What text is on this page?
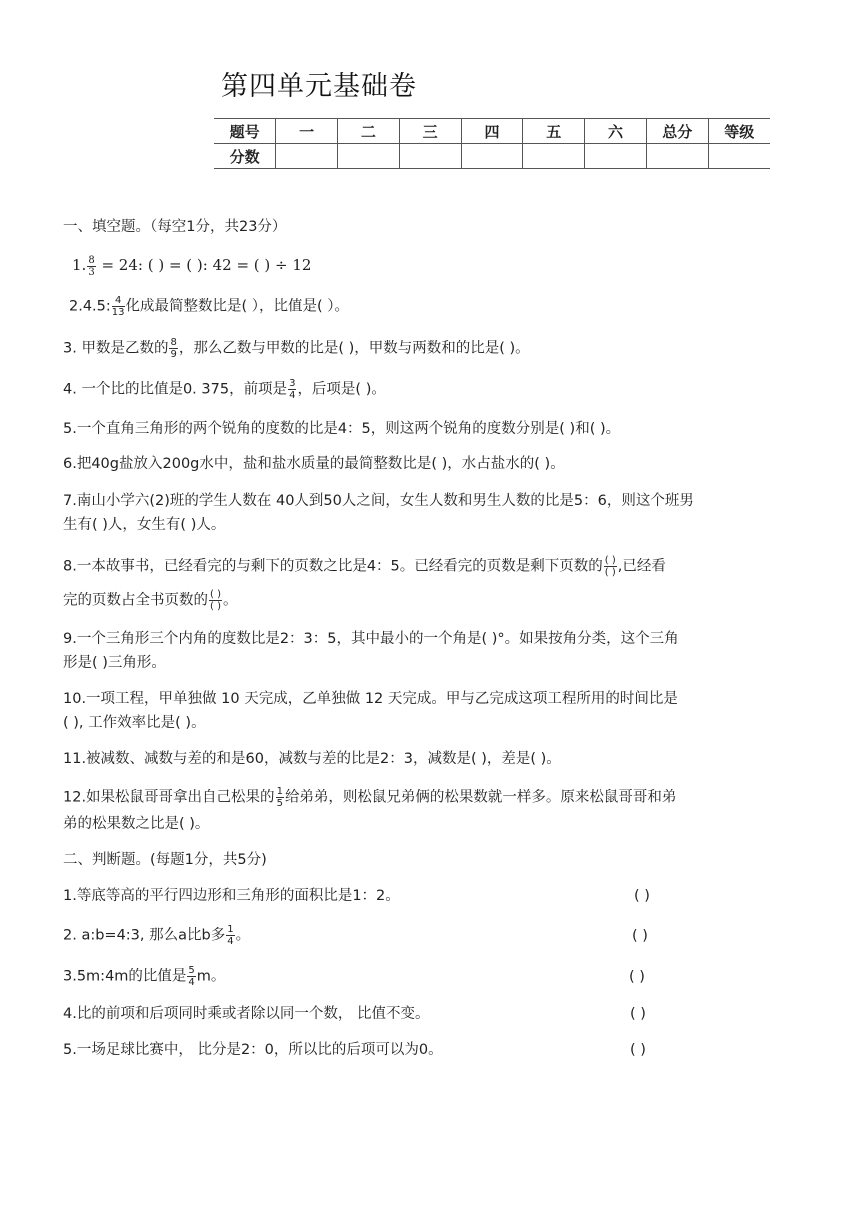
第四单元基础卷
题号	一	二	三	四	五	六	总分	等级
分数								
一、填空题。（每空1分，共23分）
1. $\frac{8}{3} = 24$: ( ) = ( ): 42 = ( ) ÷ 12
2.4.5: $\frac{4}{13}$ 化成最简整数比是( ），比值是( ）。
3. 甲数是乙数的 $\frac{8}{9}$ ，那么乙数与甲数的比是( )，甲数与两数和的比是( )。
4. 一个比的比值是0. 375，前项是 $\frac{3}{4}$ ，后项是( )。
5.一个直角三角形的两个锐角的度数的比是4：5，则这两个锐角的度数分别是( )和( )。
6.把40g盐放入200g水中，盐和盐水质量的最简整数比是( )，水占盐水的( )。
7.南山小学六(2)班的学生人数在 40人到50人之间，女生人数和男生人数的比是5：6，则这个班男
生有( )人，女生有( )人。
8.一本故事书，已经看完的与剩下的页数之比是4：5。已经看完的页数是剩下页数的 $\frac{( )}{( )}$ ,已经看
完的页数占全书页数的 $\frac{( )}{( )}$ 。
9.一个三角形三个内角的度数比是2：3：5，其中最小的一个角是( )°。如果按角分类，这个三角
形是( )三角形。
10.一项工程，甲单独做 10 天完成，乙单独做 12 天完成。甲与乙完成这项工程所用的时间比是
( ), 工作效率比是( )。
11.被减数、减数与差的和是60，减数与差的比是2：3，减数是( )，差是( )。
12.如果松鼠哥哥拿出自己松果的 $\frac{1}{5}$ 给弟弟，则松鼠兄弟俩的松果数就一样多。原来松鼠哥哥和弟
弟的松果数之比是( )。
二、判断题。(每题1分，共5分)
1.等底等高的平行四边形和三角形的面积比是1：2。	( )
2. a:b=4:3, 那么a比b多 $\frac{1}{4}$ 。	( )
3.5m:4m的比值是 $\frac{5}{4}$ m。	( )
4.比的前项和后项同时乘或者除以同一个数， 比值不变。	( )
5.一场足球比赛中， 比分是2：0，所以比的后项可以为0。	( )
